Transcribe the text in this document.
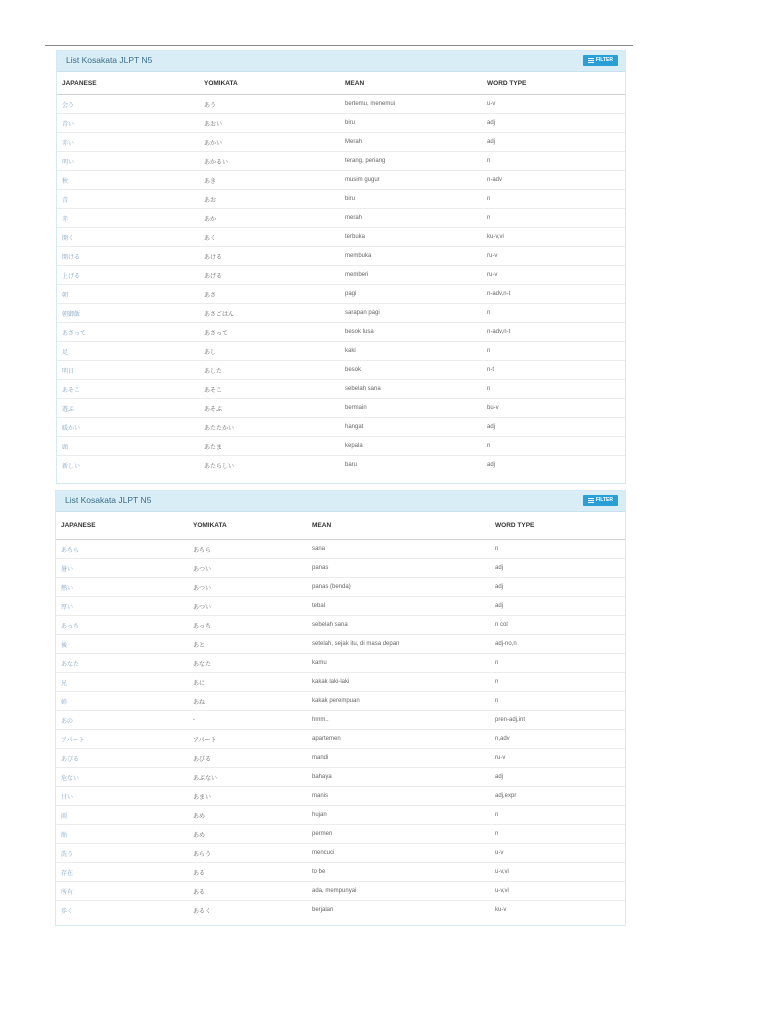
List Kosakata JLPT N5	FILTER
JAPANESE	YOMIKATA	MEAN	WORD TYPE
会う	あう	bertemu, menemui	u-v
青い	あおい	biru	adj
赤い	あかい	Merah	adj
明い	あかるい	terang, periang	n
秋	あき	musim gugur	n-adv
青	あお	biru	n
赤	あか	merah	n
開く	あく	terbuka	ku-v,vi
開ける	あける	membuka	ru-v
上げる	あげる	memberi	ru-v
朝	あさ	pagi	n-adv,n-t
朝御飯	あさごはん	sarapan pagi	n
あさって	あさって	besok lusa	n-adv,n-t
足	あし	kaki	n
明日	あした	besok	n-t
あそこ	あそこ	sebelah sana	n
遊ぶ	あそぶ	bermain	bu-v
暖かい	あたたかい	hangat	adj
頭	あたま	kepala	n
新しい	あたらしい	baru	adj
List Kosakata JLPT N5	FILTER
JAPANESE	YOMIKATA	MEAN	WORD TYPE
あちら	あちら	sana	n
暑い	あつい	panas	adj
熱い	あつい	panas (benda)	adj
厚い	あつい	tebal	adj
あっち	あっち	sebelah sana	n col
後	あと	setelah, sejak itu, di masa depan	adj-no,n
あなた	あなた	kamu	n
兄	あに	kakak laki-laki	n
姉	あね	kakak perempuan	n
あの	-	hmm..	pren-adj,int
アパート	アパート	apartemen	n,adv
あびる	あびる	mandi	ru-v
危ない	あぶない	bahaya	adj
甘い	あまい	manis	adj,expr
雨	あめ	hujan	n
飴	あめ	permen	n
洗う	あらう	mencuci	u-v
存在	ある	to be	u-v,vi
所有	ある	ada, mempunyai	u-v,vi
歩く	あるく	berjalan	ku-v
